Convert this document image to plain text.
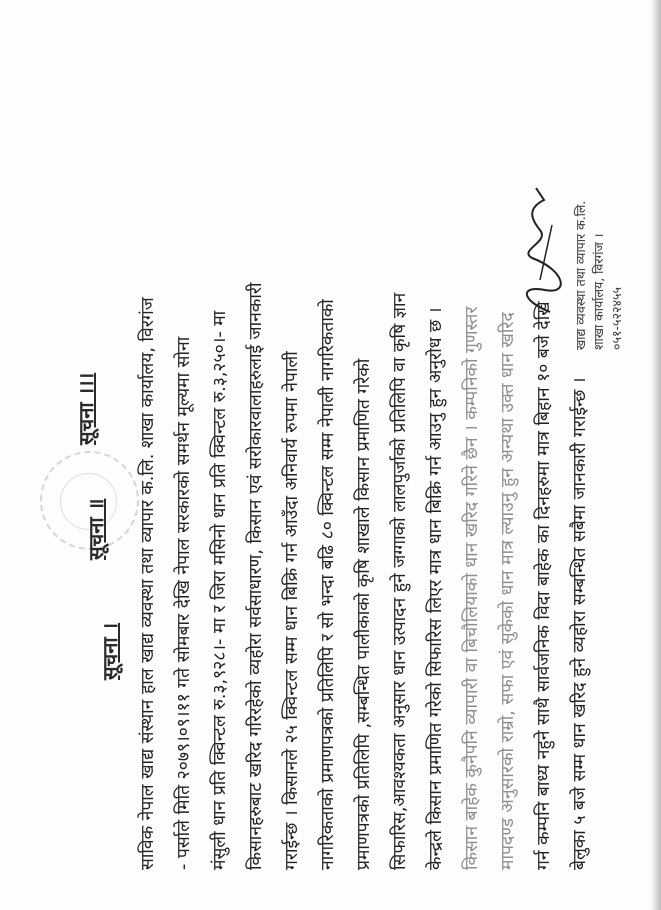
सूचना ।
सूचना ॥
सूचना ।।।	साविक नेपाल खाद्य संस्थान हाल खाद्य व्यवस्था तथा व्यापार क.लि. शाखा कार्यालय, विरगंज - पर्साले मिति २०७९।०९।११ गते सोमबार देखि नेपाल सरकारको समर्थन मूल्यमा सोना मंसुली धान प्रति क्विन्टल रु.३,९२८।- मा र जिरा मसिनो धान प्रति क्विन्टल रु.३,२५०।- मा किसानहरुबाट खरिद गरिरहेको व्यहोरा सर्वसाधारण, किसान एवं सरोकारवालाहरुलाई जानकारी गराईन्छ । किसानले २५ क्विन्टल सम्म धान बिक्रि गर्न आउँदा अनिवार्य रुपमा नेपाली नागरिकताको प्रमाणपत्रको प्रतिलिपि र सो भन्दा बढि ८० क्विन्टल सम्म नेपाली नागरिकताको प्रमाणपत्रको प्रतिलिपि ,सम्बन्धित पालीकाको कृषि शाखाले किसान प्रमाणित गरेको सिफारिस,आवश्यकता अनुसार धान उत्पादन हुने जग्गाको लालपुर्जाको प्रतिलिपि वा कृषि ज्ञान केन्द्रले किसान प्रमाणित गरेको सिफारिस लिएर मात्र धान बिक्रि गर्न आउनु हुन अनुरोध छ । किसान बाहेक कुनैपनि व्यापारी वा बिचौलियाको धान खरिद गरिने छैन । कम्पनिको गुणस्तर मापदण्ड अनुसारको राम्रो, सफा एवं सुकेको धान मात्र ल्याउनु हुन अन्यथा उक्त धान खरिद गर्न कम्पनि बाध्य नहुने साथै सार्वजनिक विदा बाहेक का दिनहरुमा मात्र बिहान १० बजे देखि बेलुका ५ बजे सम्म धान खरिद हुने व्यहोरा सम्बन्धित सबैमा जानकारी गराईन्छ ।
खाद्य व्यवस्था तथा व्यापार क.लि. शाखा कार्यालय, विरगंज । ०५१-५२२४५५
